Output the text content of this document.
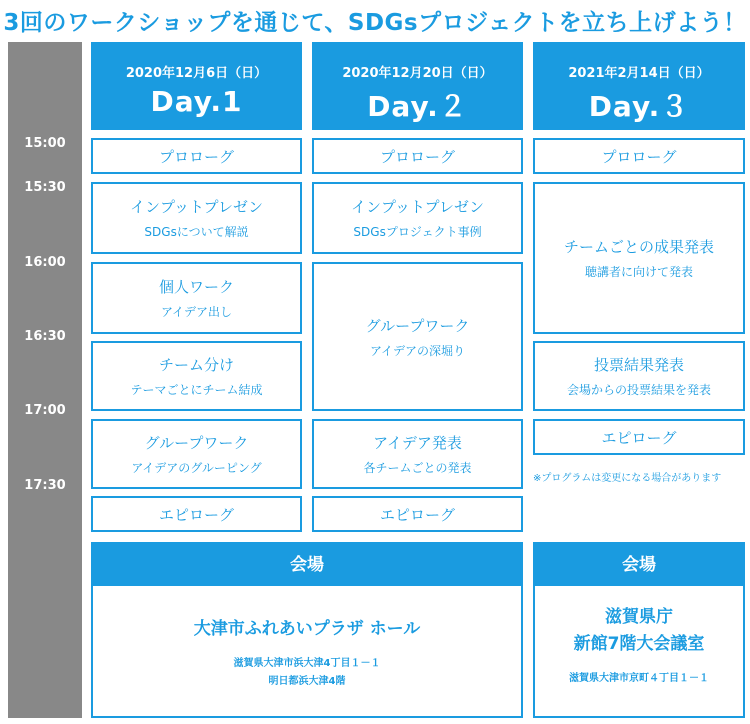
3回のワークショップを通じて、SDGsプロジェクトを立ち上げよう！
15:00
15:30
16:00
16:30
17:00
17:30
2020年12月6日（日）
Day.1
2020年12月20日（日）
Day.２
2021年2月14日（日）
Day.３
プロローグ
インプットプレゼン
SDGsについて解説
個人ワーク
アイデア出し
チーム分け
テーマごとにチーム結成
グループワーク
アイデアのグルーピング
エピローグ
プロローグ
インプットプレゼン
SDGsプロジェクト事例
グループワーク
アイデアの深堀り
アイデア発表
各チームごとの発表
エピローグ
プロローグ
チームごとの成果発表
聴講者に向けて発表
投票結果発表
会場からの投票結果を発表
エピローグ
※プログラムは変更になる場合があります
会場
大津市ふれあいプラザ ホール
滋賀県大津市浜大津4丁目１－１
明日都浜大津4階
会場
滋賀県庁
新館7階大会議室
滋賀県大津市京町４丁目１－１
